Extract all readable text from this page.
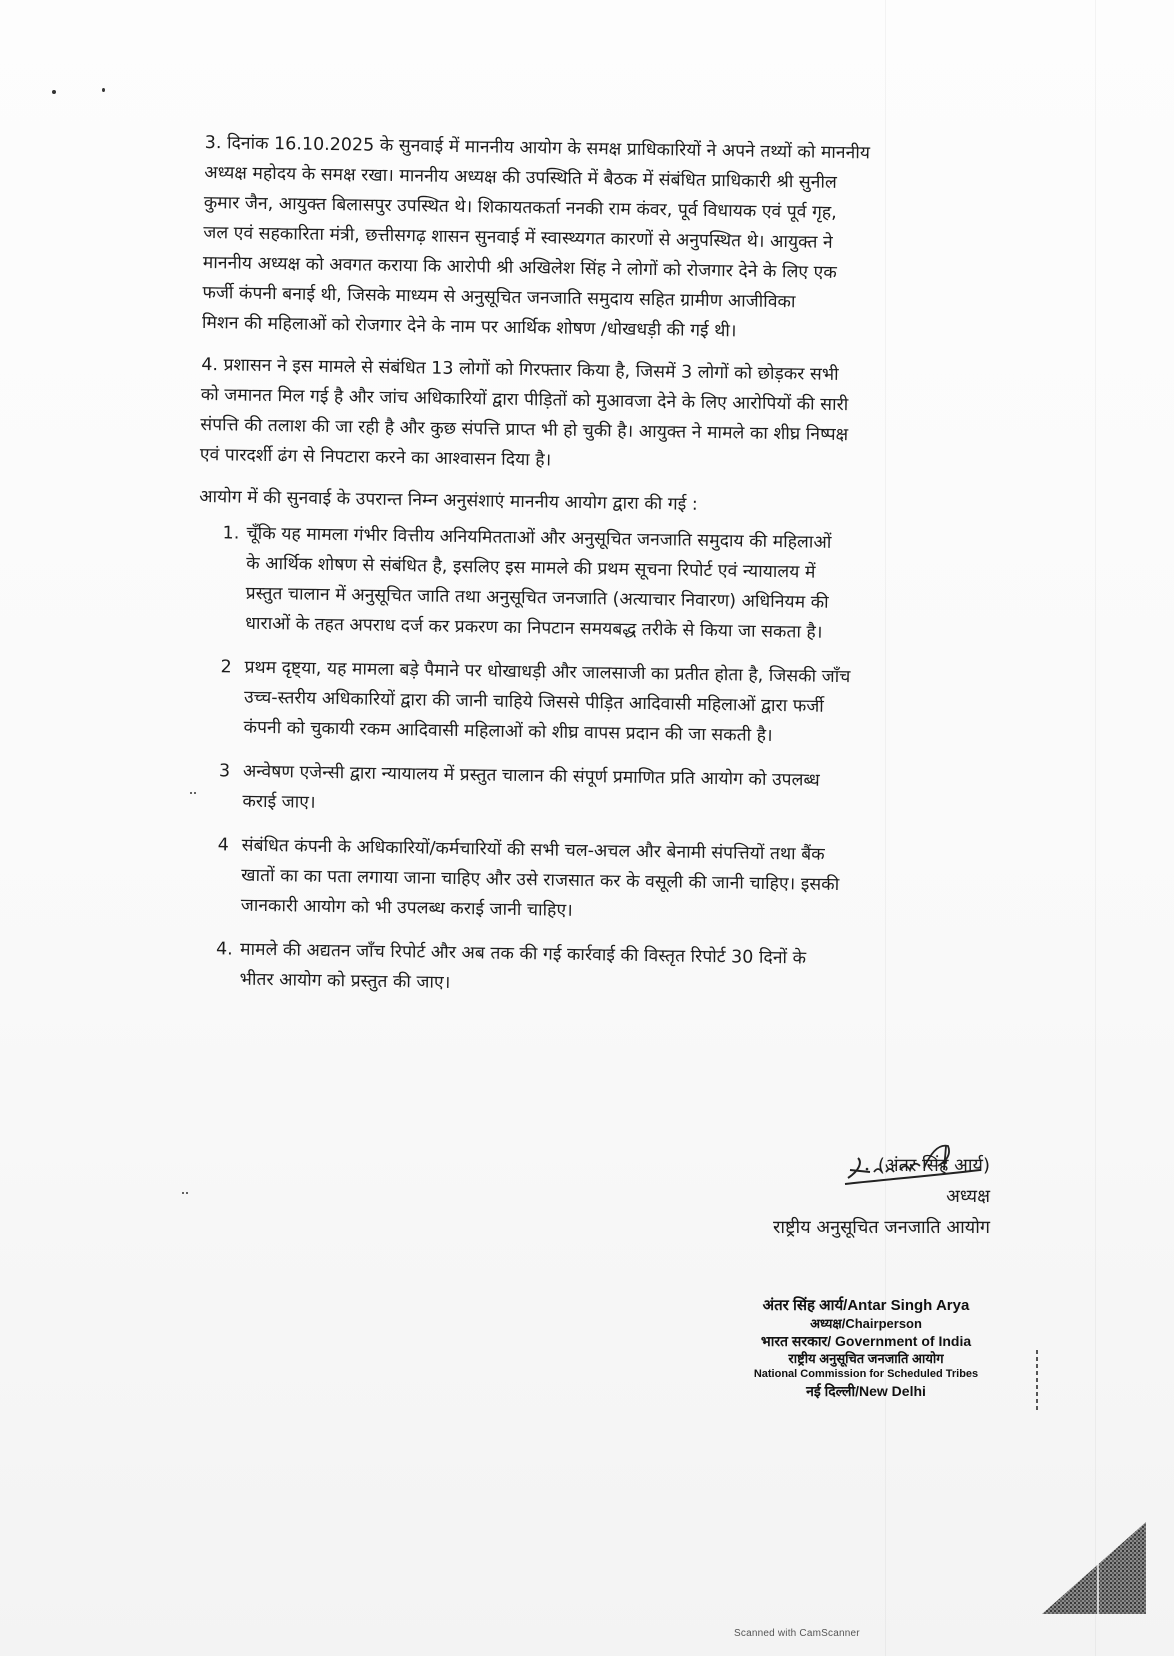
3. दिनांक 16.10.2025 के सुनवाई में माननीय आयोग के समक्ष प्राधिकारियों ने अपने तथ्यों को माननीय
अध्यक्ष महोदय के समक्ष रखा। माननीय अध्यक्ष की उपस्थिति में बैठक में संबंधित प्राधिकारी श्री सुनील
कुमार जैन, आयुक्त बिलासपुर उपस्थित थे। शिकायतकर्ता ननकी राम कंवर, पूर्व विधायक एवं पूर्व गृह,
जल एवं सहकारिता मंत्री, छत्तीसगढ़ शासन सुनवाई में स्वास्थ्यगत कारणों से अनुपस्थित थे। आयुक्त ने
माननीय अध्यक्ष को अवगत कराया कि आरोपी श्री अखिलेश सिंह ने लोगों को रोजगार देने के लिए एक
फर्जी कंपनी बनाई थी, जिसके माध्यम से अनुसूचित जनजाति समुदाय सहित ग्रामीण आजीविका
मिशन की महिलाओं को रोजगार देने के नाम पर आर्थिक शोषण /धोखधड़ी की गई थी।
4. प्रशासन ने इस मामले से संबंधित 13 लोगों को गिरफ्तार किया है, जिसमें 3 लोगों को छोड़कर सभी
को जमानत मिल गई है और जांच अधिकारियों द्वारा पीड़ितों को मुआवजा देने के लिए आरोपियों की सारी
संपत्ति की तलाश की जा रही है और कुछ संपत्ति प्राप्त भी हो चुकी है। आयुक्त ने मामले का शीघ्र निष्पक्ष
एवं पारदर्शी ढंग से निपटारा करने का आश्वासन दिया है।
आयोग में की सुनवाई के उपरान्त निम्न अनुसंशाएं माननीय आयोग द्वारा की गई :
1. चूँकि यह मामला गंभीर वित्तीय अनियमितताओं और अनुसूचित जनजाति समुदाय की महिलाओं
के आर्थिक शोषण से संबंधित है, इसलिए इस मामले की प्रथम सूचना रिपोर्ट एवं न्यायालय में
प्रस्तुत चालान में अनुसूचित जाति तथा अनुसूचित जनजाति (अत्याचार निवारण) अधिनियम की
धाराओं के तहत अपराध दर्ज कर प्रकरण का निपटान समयबद्ध तरीके से किया जा सकता है।
2 प्रथम दृष्ट्या, यह मामला बड़े पैमाने पर धोखाधड़ी और जालसाजी का प्रतीत होता है, जिसकी जाँच
उच्च-स्तरीय अधिकारियों द्वारा की जानी चाहिये जिससे पीड़ित आदिवासी महिलाओं द्वारा फर्जी
कंपनी को चुकायी रकम आदिवासी महिलाओं को शीघ्र वापस प्रदान की जा सकती है।
3 अन्वेषण एजेन्सी द्वारा न्यायालय में प्रस्तुत चालान की संपूर्ण प्रमाणित प्रति आयोग को उपलब्ध
कराई जाए।
4 संबंधित कंपनी के अधिकारियों/कर्मचारियों की सभी चल-अचल और बेनामी संपत्तियों तथा बैंक
खातों का का पता लगाया जाना चाहिए और उसे राजसात कर के वसूली की जानी चाहिए। इसकी
जानकारी आयोग को भी उपलब्ध कराई जानी चाहिए।
4. मामले की अद्यतन जाँच रिपोर्ट और अब तक की गई कार्रवाई की विस्तृत रिपोर्ट 30 दिनों के
भीतर आयोग को प्रस्तुत की जाए।
(अंतर सिंह आर्य)
अध्यक्ष
राष्ट्रीय अनुसूचित जनजाति आयोग
अंतर सिंह आर्य/Antar Singh Arya
अध्यक्ष/Chairperson
भारत सरकार/ Government of India
राष्ट्रीय अनुसूचित जनजाति आयोग
National Commission for Scheduled Tribes
नई दिल्ली/New Delhi
Scanned with CamScanner
